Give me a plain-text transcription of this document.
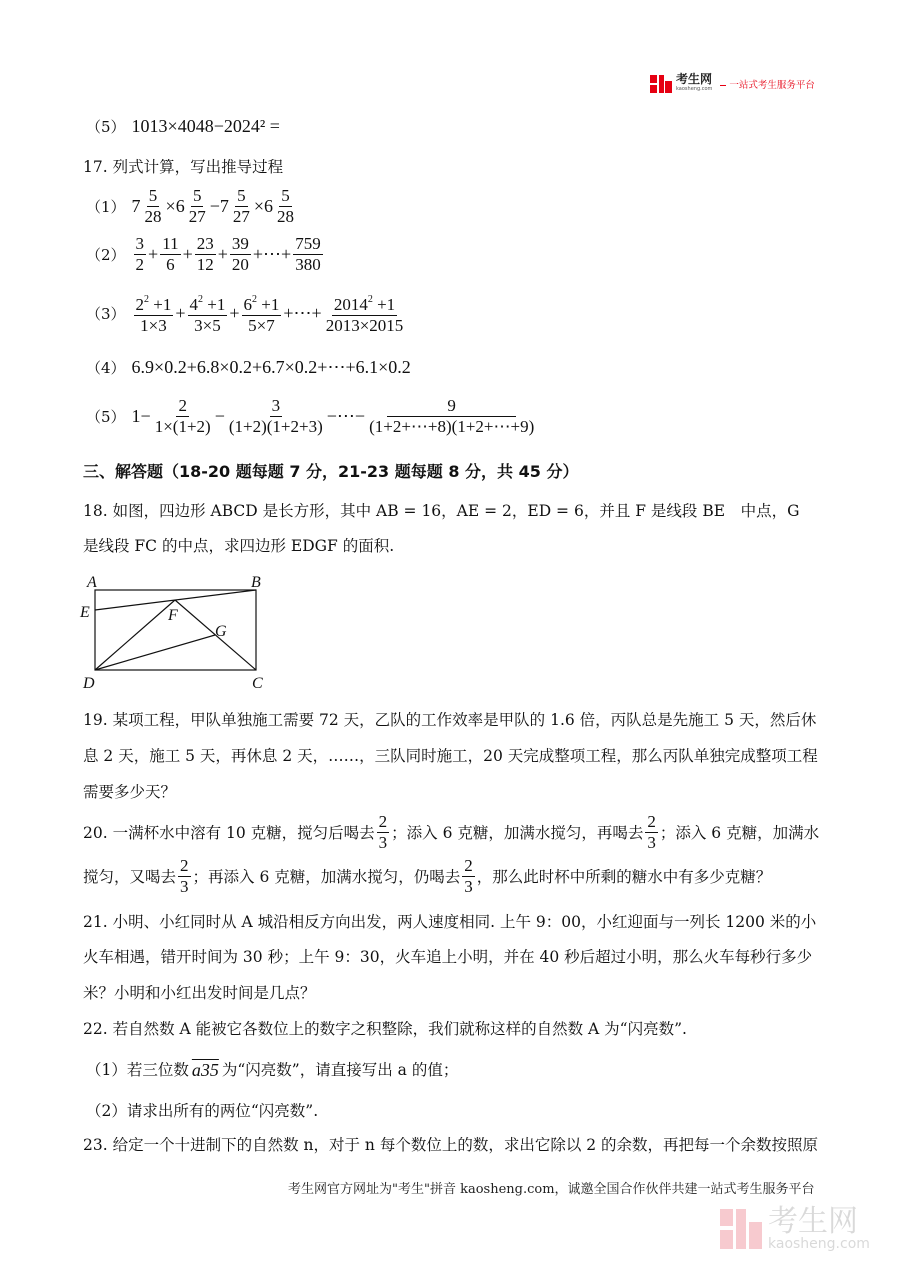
考生网
kaosheng.com	一站式考生服务平台
（5） 1013×4048−2024² =
17. 列式计算，写出推导过程
（1） $7 \frac{5}{28} \times 6 \frac{5}{27} - 7 \frac{5}{27} \times 6 \frac{5}{28}$
$(2) \frac{3}{2} + \frac{11}{6} + \frac{23}{12} + \frac{39}{20}$ +⋯+ $\frac{759}{380}$
$(3) \frac{2^2 +1}{1\times 3} + \frac{4^2 +1}{3\times 5} + \frac{6^2 +1}{5\times 7}$ +⋯+ $\frac{2014^2 +1}{2013\times 2015}$
（4） 6.9×0.2+6.8×0.2+6.7×0.2+⋯+6.1×0.2
（5） $1- \frac{2}{1\times(1+2)} - \frac{3}{(1+2)(1+2+3)}$ −⋯− $\frac{9}{(1+2+\cdots+8)(1+2+\cdots+9)}$
三、解答题（18-20 题每题 7 分，21-23 题每题 8 分，共 45 分）
18. 如图，四边形 ABCD 是长方形，其中 AB = 16，AE = 2，ED = 6，并且 F 是线段 BE　中点，G
是线段 FC 的中点，求四边形 EDGF 的面积.
A	B
E	F
G
D	C
19. 某项工程，甲队单独施工需要 72 天，乙队的工作效率是甲队的 1.6 倍，丙队总是先施工 5 天，然后休
息 2 天，施工 5 天，再休息 2 天，……，三队同时施工，20 天完成整项工程，那么丙队单独完成整项工程
需要多少天？
20. 一满杯水中溶有 10 克糖，搅匀后喝去 $\frac{2}{3}$ ；添入 6 克糖，加满水搅匀，再喝去 $\frac{2}{3}$ ；添入 6 克糖，加满水
搅匀，又喝去 $\frac{2}{3}$ ；再添入 6 克糖，加满水搅匀，仍喝去 $\frac{2}{3}$ ，那么此时杯中所剩的糖水中有多少克糖？
21. 小明、小红同时从 A 城沿相反方向出发，两人速度相同. 上午 9：00，小红迎面与一列长 1200 米的小
火车相遇，错开时间为 30 秒；上午 9：30，火车追上小明，并在 40 秒后超过小明，那么火车每秒行多少
米？小明和小红出发时间是几点？
22. 若自然数 A 能被它各数位上的数字之积整除，我们就称这样的自然数 A 为“闪亮数”.
（1）若三位数 a35 为“闪亮数”，请直接写出 a 的值；
（2）请求出所有的两位“闪亮数”.
23. 给定一个十进制下的自然数 n，对于 n 每个数位上的数，求出它除以 2 的余数，再把每一个余数按照原
考生网官方网址为"考生"拼音 kaosheng.com，诚邀全国合作伙伴共建一站式考生服务平台
考生网
kaosheng.com
